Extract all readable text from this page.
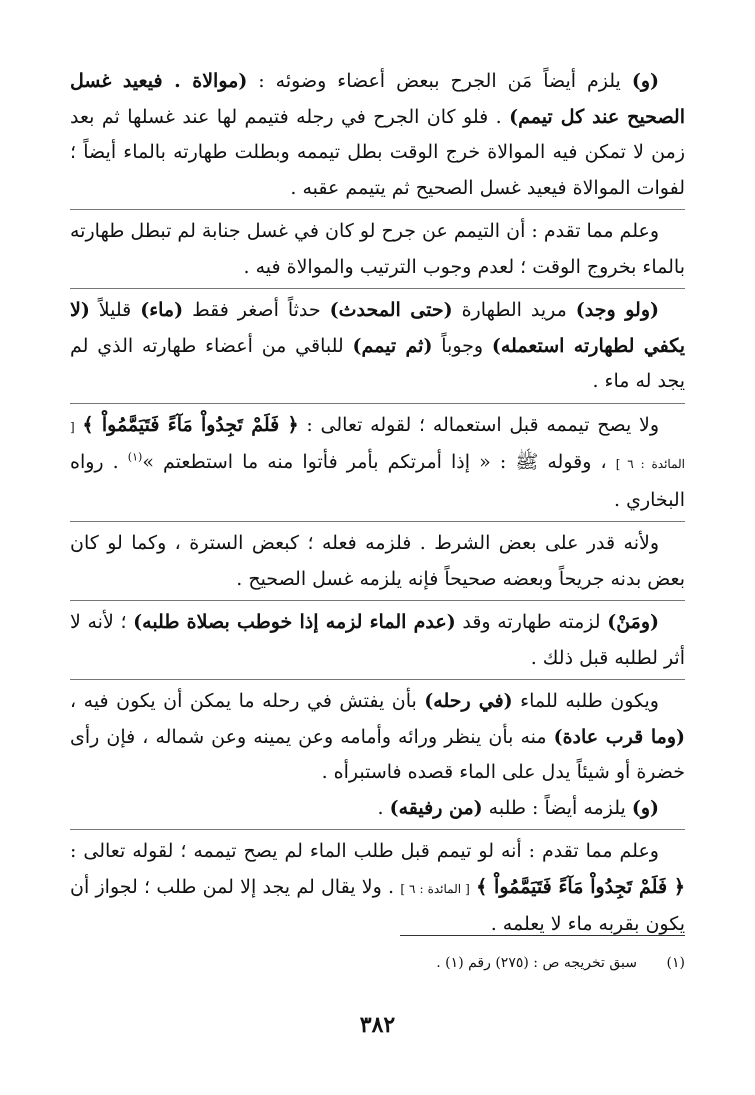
(و) يلزم أيضاً مَن الجرح ببعض أعضاء وضوئه : (موالاة . فيعيد غسل الصحيح عند كل تيمم) . فلو كان الجرح في رجله فتيمم لها عند غسلها ثم بعد زمن لا تمكن فيه الموالاة خرج الوقت بطل تيممه وبطلت طهارته بالماء أيضاً ؛ لفوات الموالاة فيعيد غسل الصحيح ثم يتيمم عقبه .
وعلم مما تقدم : أن التيمم عن جرح لو كان في غسل جنابة لم تبطل طهارته بالماء بخروج الوقت ؛ لعدم وجوب الترتيب والموالاة فيه .
(ولو وجد) مريد الطهارة (حتى المحدث) حدثاً أصغر فقط (ماء) قليلاً (لا يكفي لطهارته استعمله) وجوباً (ثم تيمم) للباقي من أعضاء طهارته الذي لم يجد له ماء .
ولا يصح تيممه قبل استعماله ؛ لقوله تعالى : ﴿ فَلَمْ تَجِدُواْ مَآءً فَتَيَمَّمُواْ ﴾ [ المائدة : ٦ ] ، وقوله ﷺ : « إذا أمرتكم بأمر فأتوا منه ما استطعتم »$^{(١)}$ . رواه البخاري .
ولأنه قدر على بعض الشرط . فلزمه فعله ؛ كبعض السترة ، وكما لو كان بعض بدنه جريحاً وبعضه صحيحاً فإنه يلزمه غسل الصحيح .
(ومَنْ) لزمته طهارته وقد (عدم الماء لزمه إذا خوطب بصلاة طلبه) ؛ لأنه لا أثر لطلبه قبل ذلك .
ويكون طلبه للماء (في رحله) بأن يفتش في رحله ما يمكن أن يكون فيه ، (وما قرب عادة) منه بأن ينظر ورائه وأمامه وعن يمينه وعن شماله ، فإن رأى خضرة أو شيئاً يدل على الماء قصده فاستبرأه .
(و) يلزمه أيضاً : طلبه (من رفيقه) .
وعلم مما تقدم : أنه لو تيمم قبل طلب الماء لم يصح تيممه ؛ لقوله تعالى : ﴿ فَلَمْ تَجِدُواْ مَآءً فَتَيَمَّمُواْ ﴾ [ المائدة : ٦ ] . ولا يقال لم يجد إلا لمن طلب ؛ لجواز أن يكون بقربه ماء لا يعلمه .
(١)سبق تخريجه ص : (٢٧٥) رقم (١) .
٣٨٢
